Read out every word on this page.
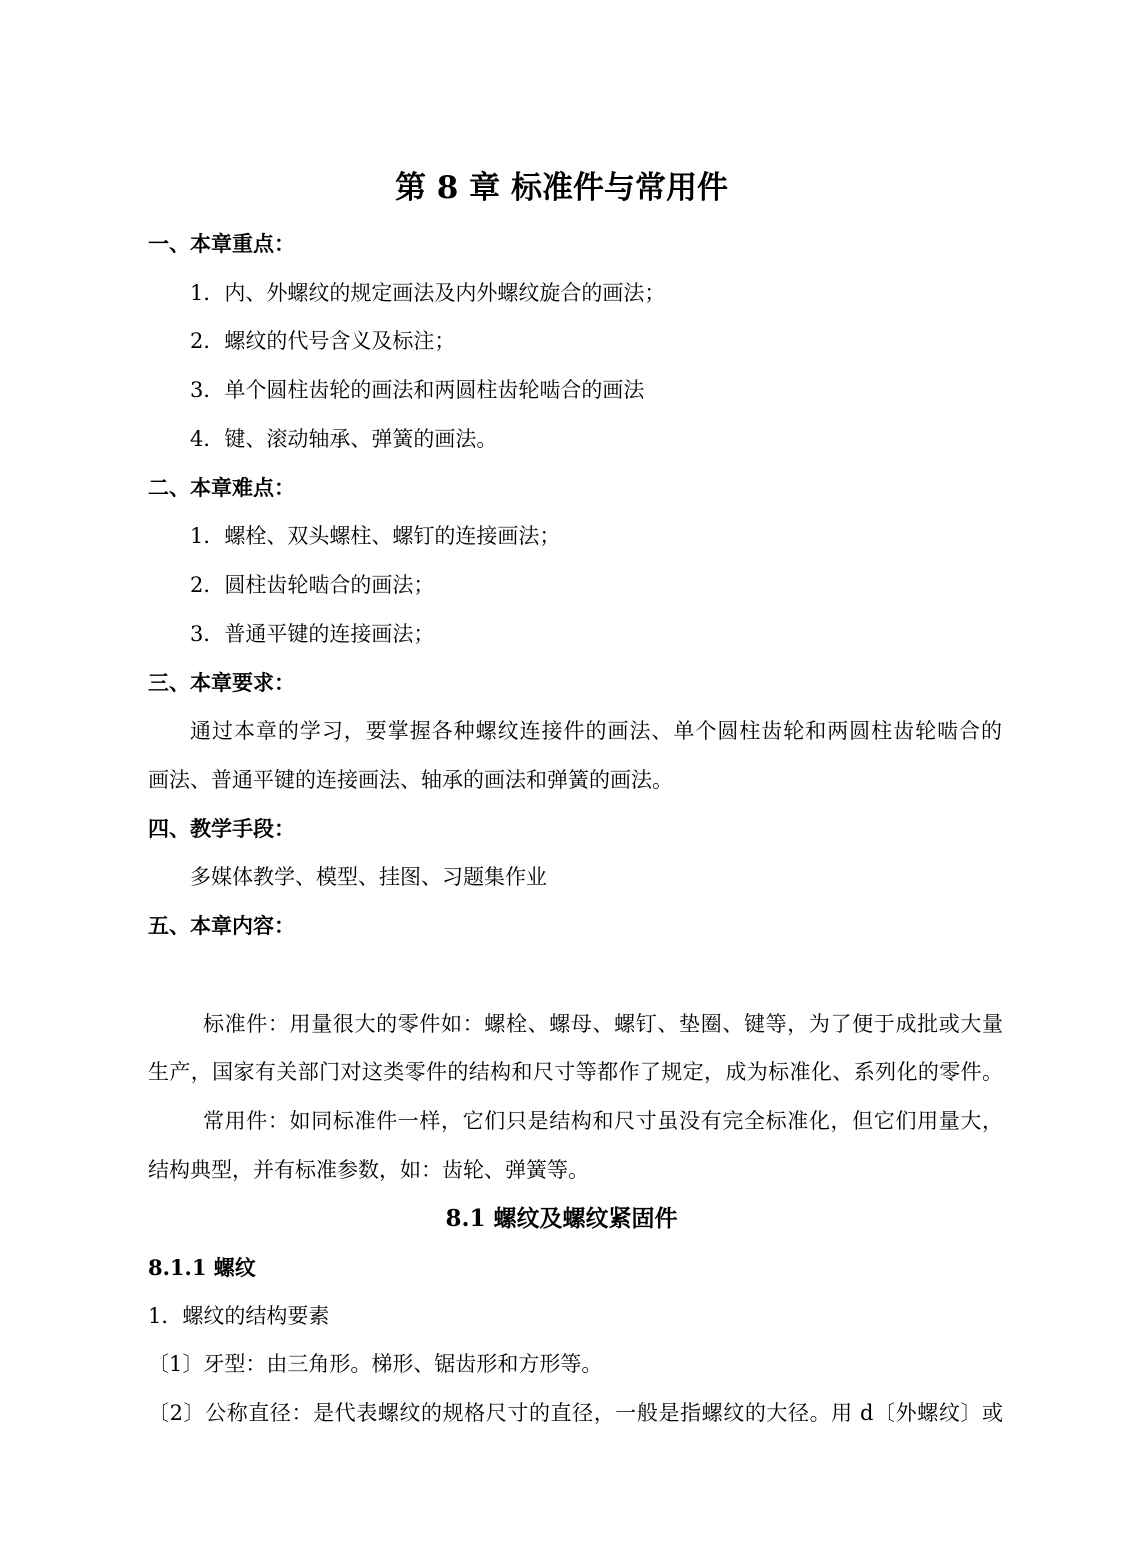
第 8 章 标准件与常用件
一、本章重点：
1．内、外螺纹的规定画法及内外螺纹旋合的画法；
2．螺纹的代号含义及标注；
3．单个圆柱齿轮的画法和两圆柱齿轮啮合的画法
4．键、滚动轴承、弹簧的画法。
二、本章难点：
1．螺栓、双头螺柱、螺钉的连接画法；
2．圆柱齿轮啮合的画法；
3．普通平键的连接画法；
三、本章要求：
通过本章的学习，要掌握各种螺纹连接件的画法、单个圆柱齿轮和两圆柱齿轮啮合的
画法、普通平键的连接画法、轴承的画法和弹簧的画法。
四、教学手段：
多媒体教学、模型、挂图、习题集作业
五、本章内容：
标准件：用量很大的零件如：螺栓、螺母、螺钉、垫圈、键等，为了便于成批或大量
生产，国家有关部门对这类零件的结构和尺寸等都作了规定，成为标准化、系列化的零件。
常用件：如同标准件一样，它们只是结构和尺寸虽没有完全标准化，但它们用量大，
结构典型，并有标准参数，如：齿轮、弹簧等。
8.1 螺纹及螺纹紧固件
8.1.1 螺纹
1．螺纹的结构要素
〔1〕牙型：由三角形。梯形、锯齿形和方形等。
〔2〕公称直径：是代表螺纹的规格尺寸的直径，一般是指螺纹的大径。用 d〔外螺纹〕或
